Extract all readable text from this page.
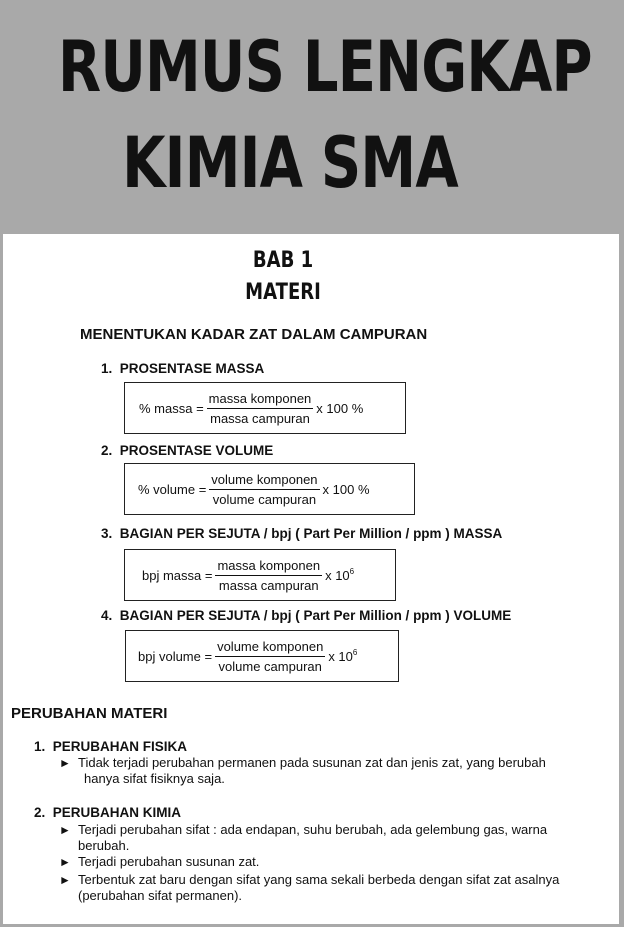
RUMUS LENGKAP
KIMIA SMA
BAB 1
MATERI
MENENTUKAN KADAR ZAT DALAM CAMPURAN
1. PROSENTASE MASSA
% massa = $\frac{\text{massa komponen}}{\text{massa campuran}}$ x 100 %
2. PROSENTASE VOLUME
% volume = $\frac{\text{volume komponen}}{\text{volume campuran}}$ x 100 %
3. BAGIAN PER SEJUTA / bpj ( Part Per Million / ppm ) MASSA
bpj massa = $\frac{\text{massa komponen}}{\text{massa campuran}}$ x $10^6$
4. BAGIAN PER SEJUTA / bpj ( Part Per Million / ppm ) VOLUME
bpj volume = $\frac{\text{volume komponen}}{\text{volume campuran}}$ x $10^6$
PERUBAHAN MATERI
1. PERUBAHAN FISIKA
► Tidak terjadi perubahan permanen pada susunan zat dan jenis zat, yang berubah
hanya sifat fisiknya saja.
2. PERUBAHAN KIMIA
► Terjadi perubahan sifat : ada endapan, suhu berubah, ada gelembung gas, warna
berubah.
► Terjadi perubahan susunan zat.
► Terbentuk zat baru dengan sifat yang sama sekali berbeda dengan sifat zat asalnya
(perubahan sifat permanen).
